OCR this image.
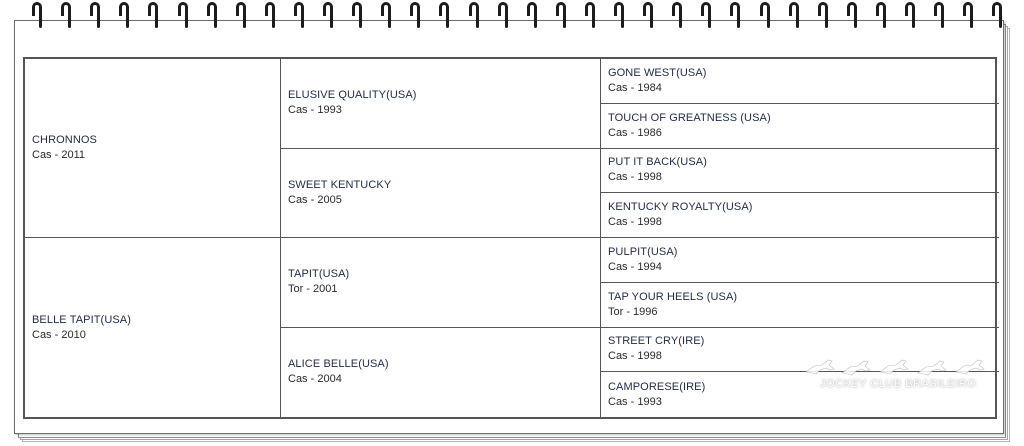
CHRONNOS
Cas - 2011
BELLE TAPIT(USA)
Cas - 2010
ELUSIVE QUALITY(USA)
Cas - 1993
SWEET KENTUCKY
Cas - 2005
TAPIT(USA)
Tor - 2001
ALICE BELLE(USA)
Cas - 2004
GONE WEST(USA)
Cas - 1984
TOUCH OF GREATNESS (USA)
Cas - 1986
PUT IT BACK(USA)
Cas - 1998
KENTUCKY ROYALTY(USA)
Cas - 1998
PULPIT(USA)
Cas - 1994
TAP YOUR HEELS (USA)
Tor - 1996
STREET CRY(IRE)
Cas - 1998
CAMPORESE(IRE)
Cas - 1993
JOCKEY CLUB BRASILEIRO
